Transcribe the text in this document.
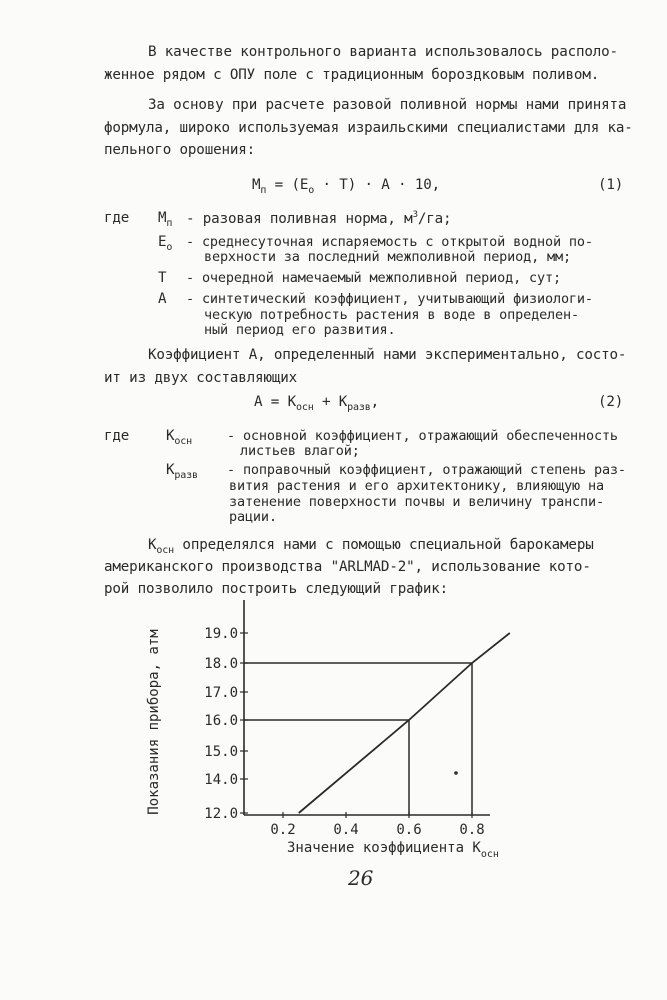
В качестве контрольного варианта использовалось располо-
женное рядом с ОПУ поле с традиционным бороздковым поливом.
За основу при расчете разовой поливной нормы нами принята
формула, широко используемая израильскими специалистами для ка-
пельного орошения:
$М_п = (Е_о \cdot Т) \cdot А \cdot 10$,	(1)
где $М_п$ - разовая поливная норма, $м^3/га$;
$Е_о$ - среднесуточная испаряемость с открытой водной по-
верхности за последний межполивной период, мм;
Т - очередной намечаемый межполивной период, сут;
А - синтетический коэффициент, учитывающий физиологи-
ческую потребность растения в воде в определен-
ный период его развития.
Коэффициент А, определенный нами экспериментально, состо-
ит из двух составляющих
$А = К_{осн} + К_{разв}$,	(2)
где	$К_{осн}$	- основной коэффициент, отражающий обеспеченность
листьев влагой;
$К_{разв}$ - поправочный коэффициент, отражающий степень раз-
вития растения и его архитектонику, влияющую на
затенение поверхности почвы и величину транспи-
рации.
$К_{осн}$ определялся нами с помощью специальной барокамеры
американского производства "ARLMAD-2", использование кото-
рой позволило построить следующий график:
12.0
14.0
15.0
16.0
17.0
18.0
19.0
0.2	0.4	0.6	0.8
Показания прибора, атм
Значение коэффициента $К_{осн}$
26
